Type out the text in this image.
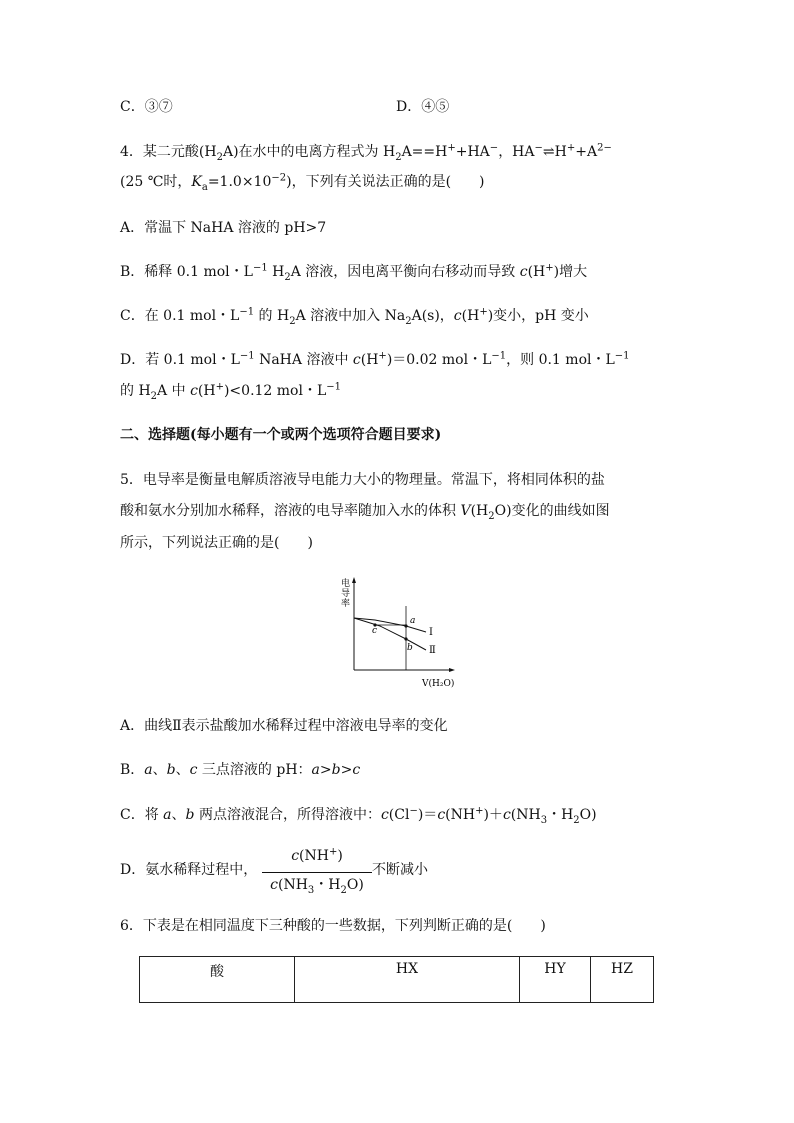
C．③⑦	D．④⑤
4．某二元酸$(H_2A)$在水中的电离方程式为 $H_2A==H^++HA^-$，$HA^-\rightleftharpoons H^++A^{2-}$
(25 ℃时，$K_a=1.0\times 10^{-2}$)，下列有关说法正确的是(　　)
A．常温下 NaHA 溶液的 pH>7
B．稀释 0.1 mol・$L^{-1}$ $H_2A$ 溶液，因电离平衡向右移动而导致 c(H+)增大
C．在 0.1 mol・$L^{-1}$ 的 $H_2A$ 溶液中加入 $Na_2A(s)$，c(H+)变小，pH 变小
D．若 0.1 mol・$L^{-1}$ NaHA 溶液中 c(H+)＝0.02 mol・$L^{-1}$，则 0.1 mol・$L^{-1}$
的 $H_2A$ 中 c(H+)<0.12 mol・$L^{-1}$
二、选择题(每小题有一个或两个选项符合题目要求)
5．电导率是衡量电解质溶液导电能力大小的物理量。常温下，将相同体积的盐
酸和氨水分别加水稀释，溶液的电导率随加入水的体积 $V(H_2O)$变化的曲线如图
所示，下列说法正确的是(　　)
电
导
率
V(H₂O)
a
b
c	Ⅰ
Ⅱ
A．曲线Ⅱ表示盐酸加水稀释过程中溶液电导率的变化
B．a、b、c 三点溶液的 pH：a>b>c
C．将 a、b 两点溶液混合，所得溶液中：$c(Cl^-)=c(NH^+)+c(NH_3$・$H_2O$)
D．氨水稀释过程中，
c(NH+)
$c(NH_3$・$H_2O$)
不断减小
6．下表是在相同温度下三种酸的一些数据，下列判断正确的是(　　)
酸	HX	HY	HZ
